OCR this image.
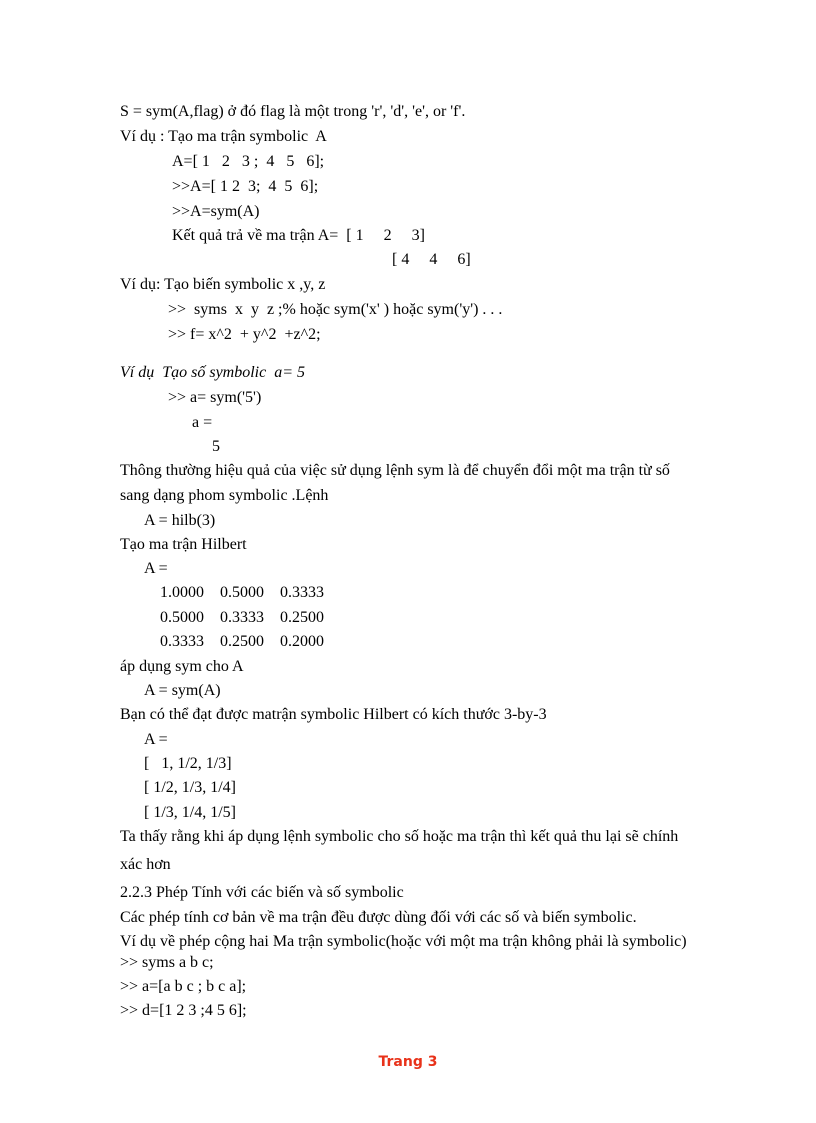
S = sym(A,flag) ở đó flag là một trong 'r', 'd', 'e', or 'f'.
Ví dụ : Tạo ma trận symbolic  A
A=[ 1   2   3 ;  4   5   6];
>>A=[ 1 2  3;  4  5  6];
>>A=sym(A)
Kết quả trả về ma trận A=  [ 1     2     3]
[ 4     4     6]
Ví dụ: Tạo biến symbolic x ,y, z
>>  syms  x  y  z ;% hoặc sym('x' ) hoặc sym('y') . . .
>> f= x^2  + y^2  +z^2;
Ví dụ  Tạo số symbolic  a= 5
>> a= sym('5')
a =
5
Thông thường hiệu quả của việc sử dụng lệnh sym là để chuyển đổi một ma trận từ số
sang dạng phom symbolic .Lệnh
A = hilb(3)
Tạo ma trận Hilbert
A =
1.0000    0.5000    0.3333
0.5000    0.3333    0.2500
0.3333    0.2500    0.2000
áp dụng sym cho A
A = sym(A)
Bạn có thể đạt được matrận symbolic Hilbert có kích thước 3-by-3
A =
[   1, 1/2, 1/3]
[ 1/2, 1/3, 1/4]
[ 1/3, 1/4, 1/5]
Ta thấy rằng khi áp dụng lệnh symbolic cho số hoặc ma trận thì kết quả thu lại sẽ chính
xác hơn
2.2.3 Phép Tính với các biến và số symbolic
Các phép tính cơ bản về ma trận đều được dùng đối với các số và biến symbolic.
Ví dụ về phép cộng hai Ma trận symbolic(hoặc với một ma trận không phải là symbolic)
>> syms a b c;
>> a=[a b c ; b c a];
>> d=[1 2 3 ;4 5 6];
Trang 3
